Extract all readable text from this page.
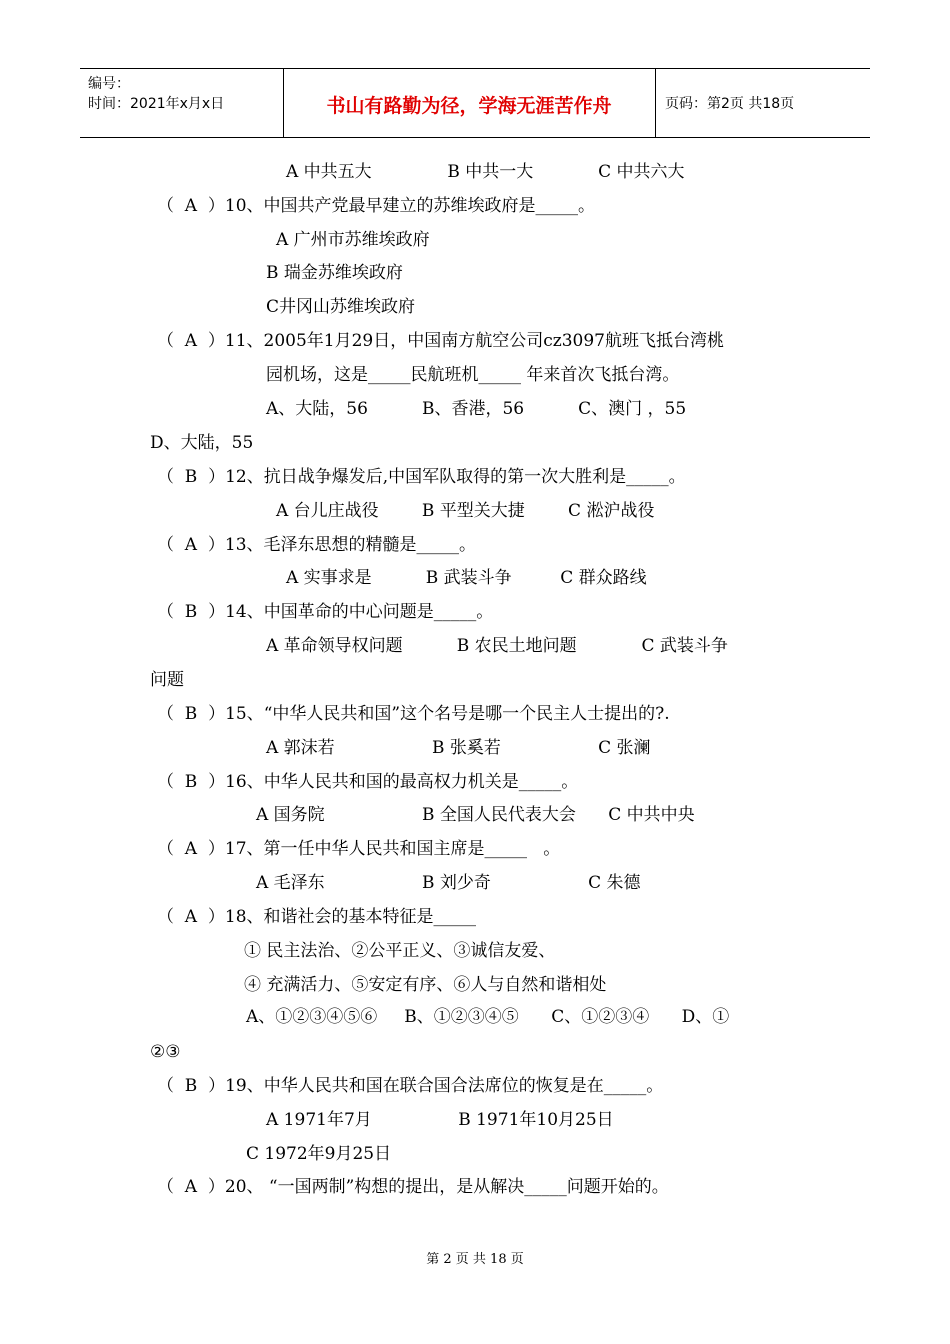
编号：
时间：2021年x月x日	书山有路勤为径，学海无涯苦作舟	页码：第2页 共18页
A 中共五大              B 中共一大            C 中共六大
（  A  ）10、中国共产党最早建立的苏维埃政府是_____。
A 广州市苏维埃政府
B 瑞金苏维埃政府
C井冈山苏维埃政府
（  A  ）11、2005年1月29日，中国南方航空公司cz3097航班飞抵台湾桃
园机场，这是_____民航班机_____ 年来首次飞抵台湾。
A、大陆，56          B、香港，56          C、澳门 ，55
D、大陆，55
（  B  ）12、抗日战争爆发后,中国军队取得的第一次大胜利是_____。
A 台儿庄战役        B 平型关大捷        C 淞沪战役
（  A  ）13、毛泽东思想的精髓是_____。
A 实事求是          B 武装斗争         C 群众路线
（  B  ）14、中国革命的中心问题是_____。
A 革命领导权问题          B 农民土地问题            C 武装斗争
问题
（  B  ）15、“中华人民共和国”这个名号是哪一个民主人士提出的?.
A 郭沫若                  B 张奚若                  C 张澜
（  B  ）16、中华人民共和国的最高权力机关是_____。
A 国务院                  B 全国人民代表大会      C 中共中央
（  A  ）17、第一任中华人民共和国主席是_____   。
A 毛泽东                  B 刘少奇                  C 朱德
（  A  ）18、和谐社会的基本特征是_____
① 民主法治、②公平正义、③诚信友爱、
④ 充满活力、⑤安定有序、⑥人与自然和谐相处
A、①②③④⑤⑥     B、①②③④⑤      C、①②③④      D、①
②③
（  B  ）19、中华人民共和国在联合国合法席位的恢复是在_____。
A 1971年7月                B 1971年10月25日
C 1972年9月25日
（  A  ）20、 “一国两制”构想的提出，是从解决_____问题开始的。
第 2 页 共 18 页
